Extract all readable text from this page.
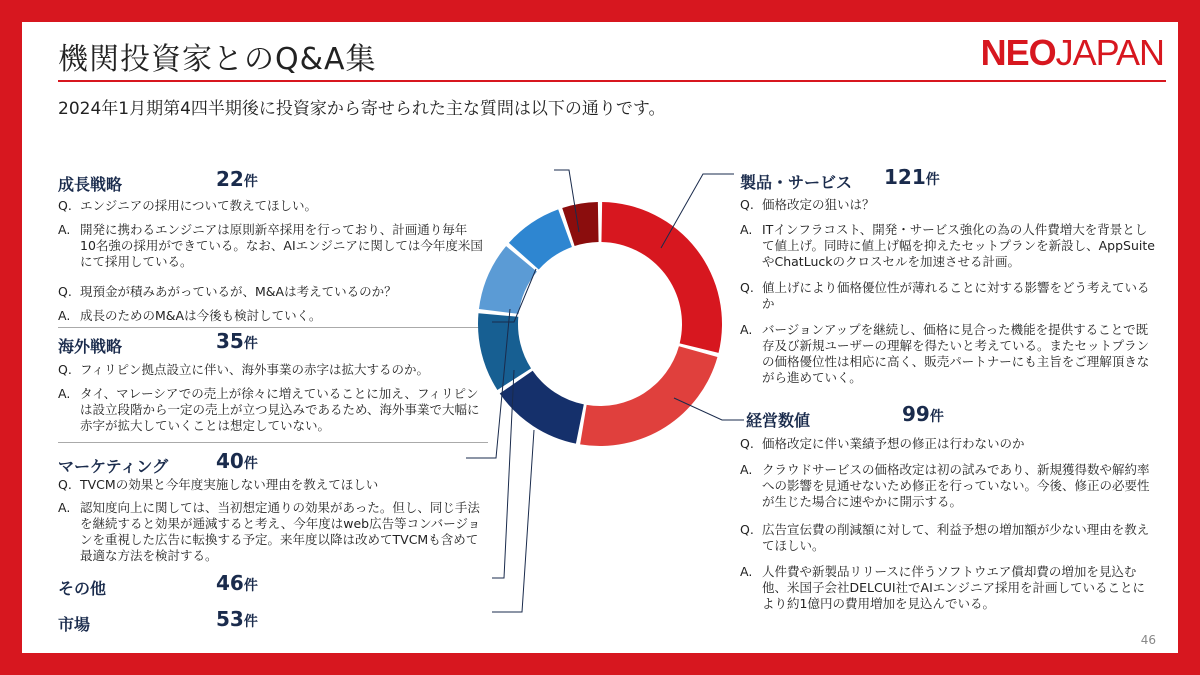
機関投資家とのQ&A集	NEOJAPAN
2024年1月期第4四半期後に投資家から寄せられた主な質問は以下の通りです。
成長戦略	22件
Q. エンジニアの採用について教えてほしい。
A. 開発に携わるエンジニアは原則新卒採用を行っており、計画通り毎年10名強の採用ができている。なお、AIエンジニアに関しては今年度米国にて採用している。
Q. 現預金が積みあがっているが、M&Aは考えているのか？
A. 成長のためのM&Aは今後も検討していく。
海外戦略	35件
Q. フィリピン拠点設立に伴い、海外事業の赤字は拡大するのか。
A. タイ、マレーシアでの売上が徐々に増えていることに加え、フィリピンは設立段階から一定の売上が立つ見込みであるため、海外事業で大幅に赤字が拡大していくことは想定していない。
マーケティング 40件
Q. TVCMの効果と今年度実施しない理由を教えてほしい
A. 認知度向上に関しては、当初想定通りの効果があった。但し、同じ手法を継続すると効果が逓減すると考え、今年度はweb広告等コンバージョンを重視した広告に転換する予定。来年度以降は改めてTVCMも含めて最適な方法を検討する。
その他	46件
市場	53件
製品・サービス 121件
Q. 価格改定の狙いは？
A. ITインフラコスト、開発・サービス強化の為の人件費増大を背景として値上げ。同時に値上げ幅を抑えたセットプランを新設し、AppSuiteやChatLuckのクロスセルを加速させる計画。
Q. 値上げにより価格優位性が薄れることに対する影響をどう考えているか
A. バージョンアップを継続し、価格に見合った機能を提供することで既存及び新規ユーザーの理解を得たいと考えている。またセットプランの価格優位性は相応に高く、販売パートナーにも主旨をご理解頂きながら進めていく。
経営数値	99件
Q. 価格改定に伴い業績予想の修正は行わないのか
A. クラウドサービスの価格改定は初の試みであり、新規獲得数や解約率への影響を見通せないため修正を行っていない。今後、修正の必要性が生じた場合に速やかに開示する。
Q. 広告宣伝費の削減額に対して、利益予想の増加額が少ない理由を教えてほしい。
A. 人件費や新製品リリースに伴うソフトウエア償却費の増加を見込む他、米国子会社DELCUI社でAIエンジニア採用を計画していることにより約1億円の費用増加を見込んでいる。
46
